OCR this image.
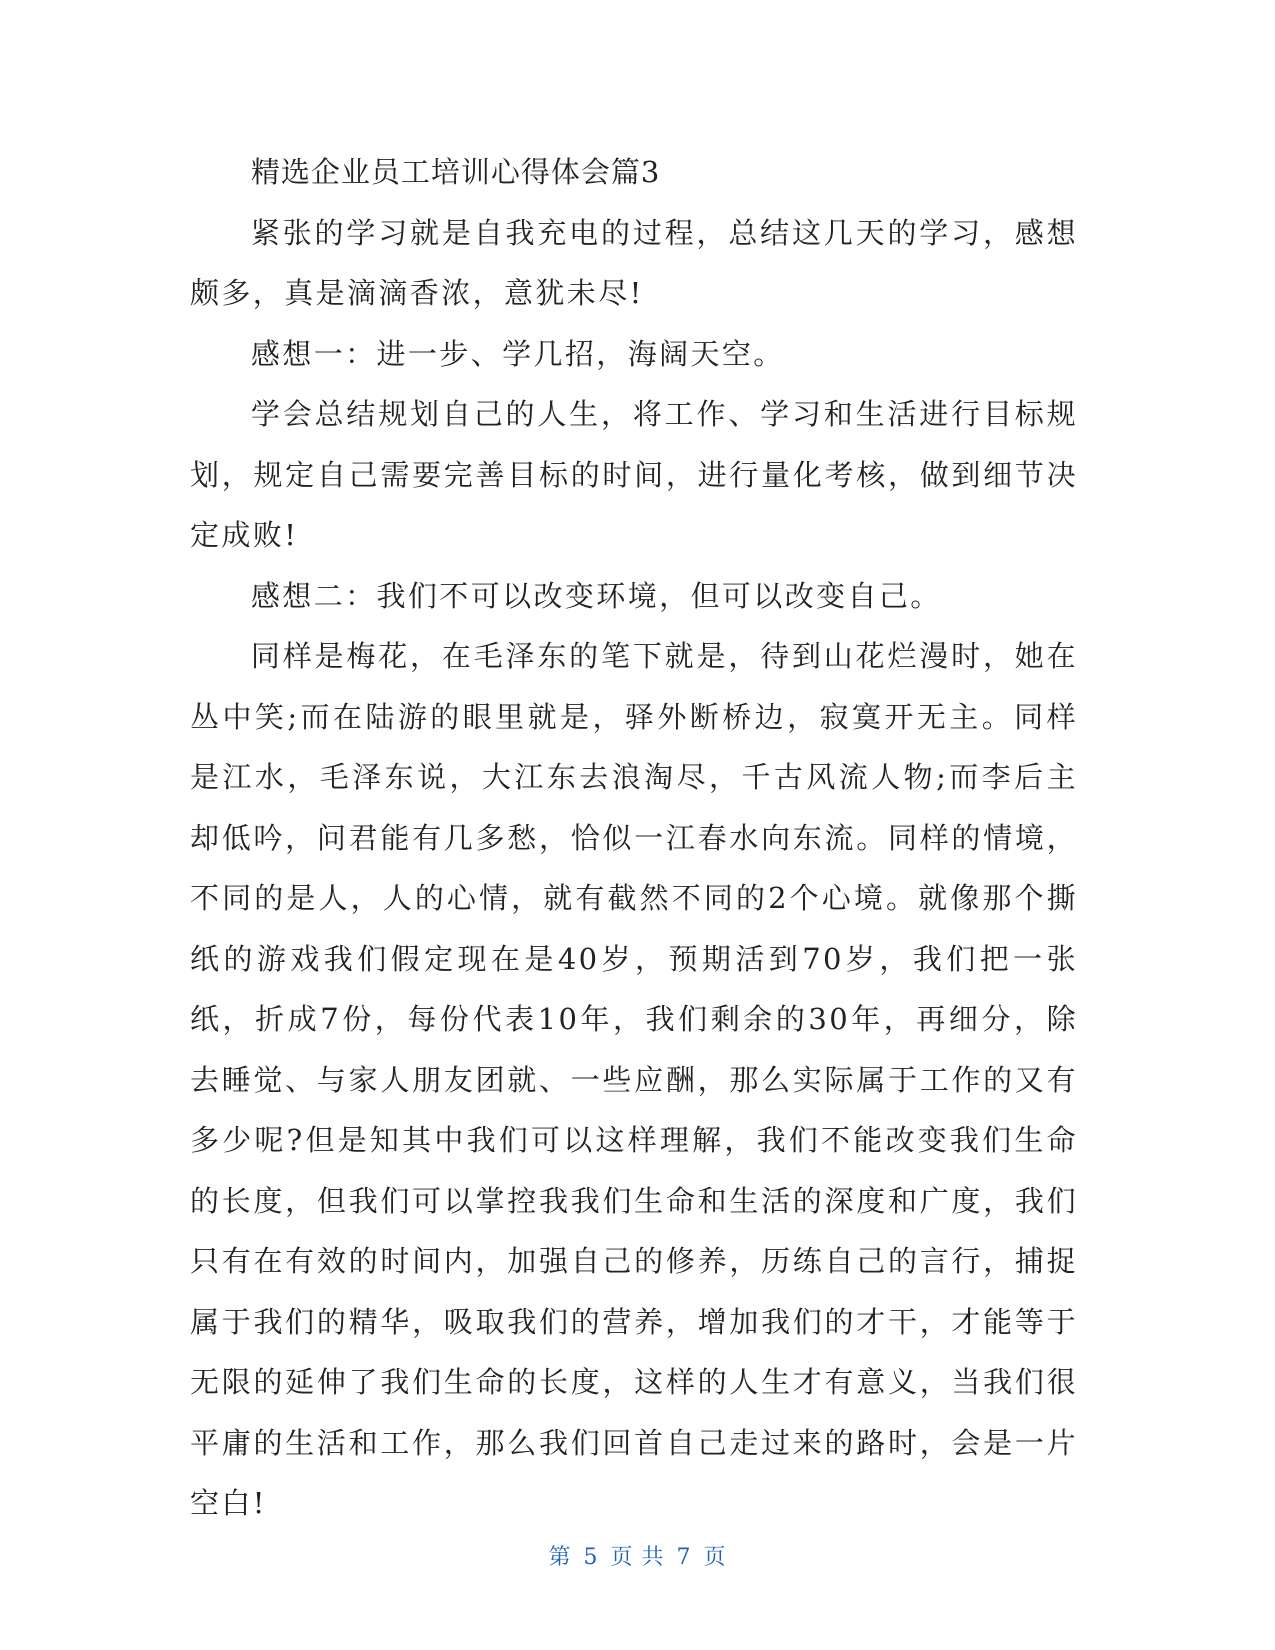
精选企业员工培训心得体会篇3

紧张的学习就是自我充电的过程，总结这几天的学习，感想颇多，真是滴滴香浓，意犹未尽!

感想一：进一步、学几招，海阔天空。

学会总结规划自己的人生，将工作、学习和生活进行目标规划，规定自己需要完善目标的时间，进行量化考核，做到细节决定成败!

感想二：我们不可以改变环境，但可以改变自己。

同样是梅花，在毛泽东的笔下就是，待到山花烂漫时，她在丛中笑;而在陆游的眼里就是，驿外断桥边，寂寞开无主。同样是江水，毛泽东说，大江东去浪淘尽，千古风流人物;而李后主却低吟，问君能有几多愁，恰似一江春水向东流。同样的情境，不同的是人，人的心情，就有截然不同的2个心境。就像那个撕纸的游戏我们假定现在是40岁，预期活到70岁，我们把一张纸，折成7份，每份代表10年，我们剩余的30年，再细分，除去睡觉、与家人朋友团就、一些应酬，那么实际属于工作的又有多少呢?但是知其中我们可以这样理解，我们不能改变我们生命的长度，但我们可以掌控我我们生命和生活的深度和广度，我们只有在有效的时间内，加强自己的修养，历练自己的言行，捕捉属于我们的精华，吸取我们的营养，增加我们的才干，才能等于无限的延伸了我们生命的长度，这样的人生才有意义，当我们很平庸的生活和工作，那么我们回首自己走过来的路时，会是一片空白!

第 5 页 共 7 页
